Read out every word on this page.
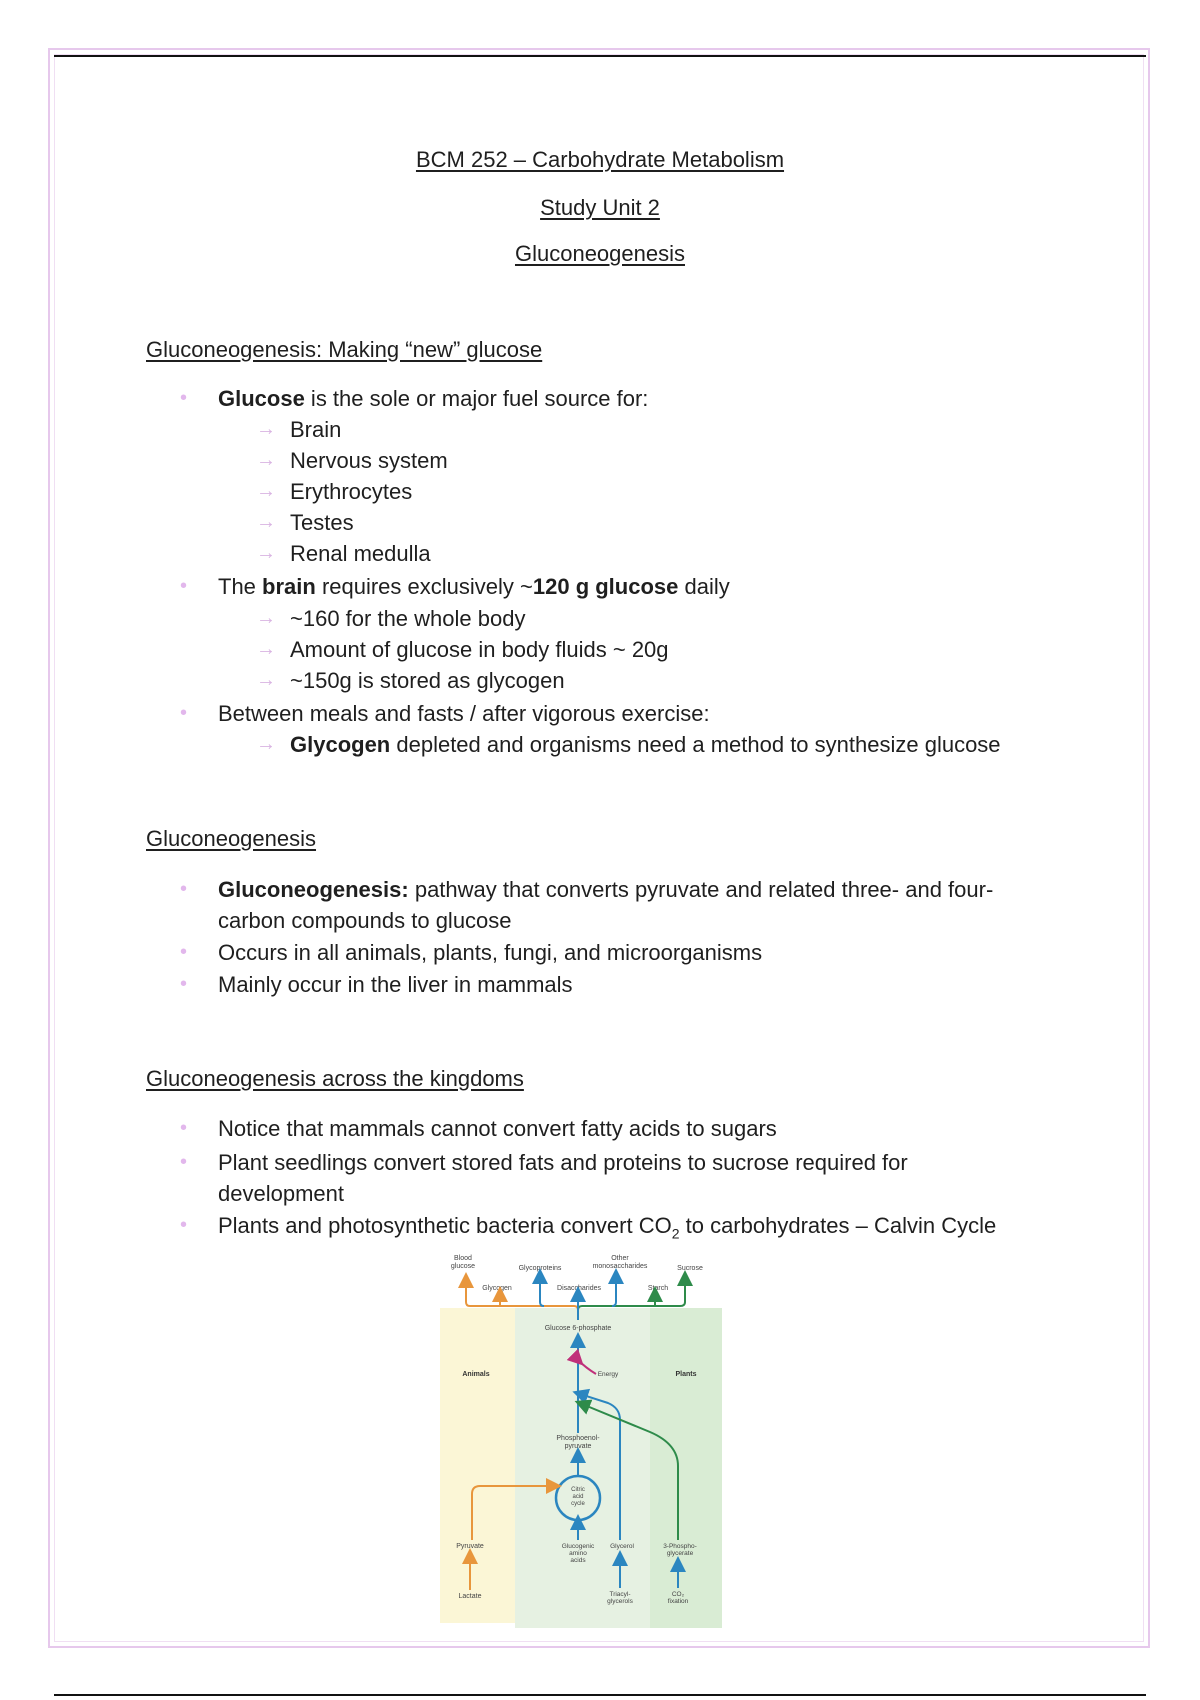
BCM 252 – Carbohydrate Metabolism
Study Unit 2
Gluconeogenesis
Gluconeogenesis: Making “new” glucose
• Glucose is the sole or major fuel source for:
→ Brain
→ Nervous system
→ Erythrocytes
→ Testes
→ Renal medulla
• The brain requires exclusively ~120 g glucose daily
→ ~160 for the whole body
→ Amount of glucose in body fluids ~ 20g
→ ~150g is stored as glycogen
• Between meals and fasts / after vigorous exercise:
→ Glycogen depleted and organisms need a method to synthesize glucose
Gluconeogenesis
• Gluconeogenesis: pathway that converts pyruvate and related three- and four-carbon compounds to glucose
• Occurs in all animals, plants, fungi, and microorganisms
• Mainly occur in the liver in mammals
Gluconeogenesis across the kingdoms
• Notice that mammals cannot convert fatty acids to sugars
• Plant seedlings convert stored fats and proteins to sucrose required for development
• Plants and photosynthetic bacteria convert $CO_2$ to carbohydrates – Calvin Cycle
Blood glucose	Glycoproteins
Other monosaccharides	Sucrose
Glycogen	Disaccharides	Starch
Glucose 6-phosphate
Animals	Plants
Energy
Phosphoenol-pyruvate
Citric acid cycle
Pyruvate
Lactate
Glucogenic amino acids
Glycerol
Triacyl-glycerols
3-Phospho-glycerate
CO₂ fixation
